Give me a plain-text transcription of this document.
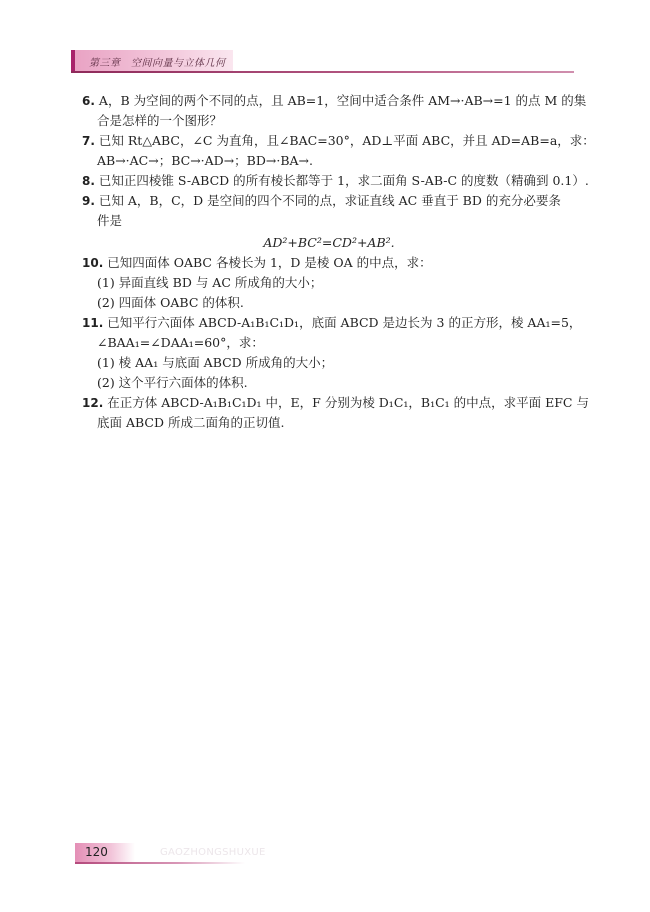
第三章　空间向量与立体几何
6. A，B 为空间的两个不同的点，且 AB=1，空间中适合条件 AM→·AB→=1 的点 M 的集
合是怎样的一个图形？
7. 已知 Rt△ABC，∠C 为直角，且∠BAC=30°，AD⊥平面 ABC，并且 AD=AB=a，求：
AB→·AC→；BC→·AD→；BD→·BA→.
8. 已知正四棱锥 S-ABCD 的所有棱长都等于 1，求二面角 S-AB-C 的度数（精确到 0.1）.
9. 已知 A，B，C，D 是空间的四个不同的点，求证直线 AC 垂直于 BD 的充分必要条
件是
AD²+BC²=CD²+AB².
10. 已知四面体 OABC 各棱长为 1，D 是棱 OA 的中点，求：
(1) 异面直线 BD 与 AC 所成角的大小；
(2) 四面体 OABC 的体积.
11. 已知平行六面体 ABCD-A₁B₁C₁D₁，底面 ABCD 是边长为 3 的正方形，棱 AA₁=5，
∠BAA₁=∠DAA₁=60°，求：
(1) 棱 AA₁ 与底面 ABCD 所成角的大小；
(2) 这个平行六面体的体积.
12. 在正方体 ABCD-A₁B₁C₁D₁ 中，E，F 分别为棱 D₁C₁，B₁C₁ 的中点，求平面 EFC 与
底面 ABCD 所成二面角的正切值.
120	GAOZHONGSHUXUE
